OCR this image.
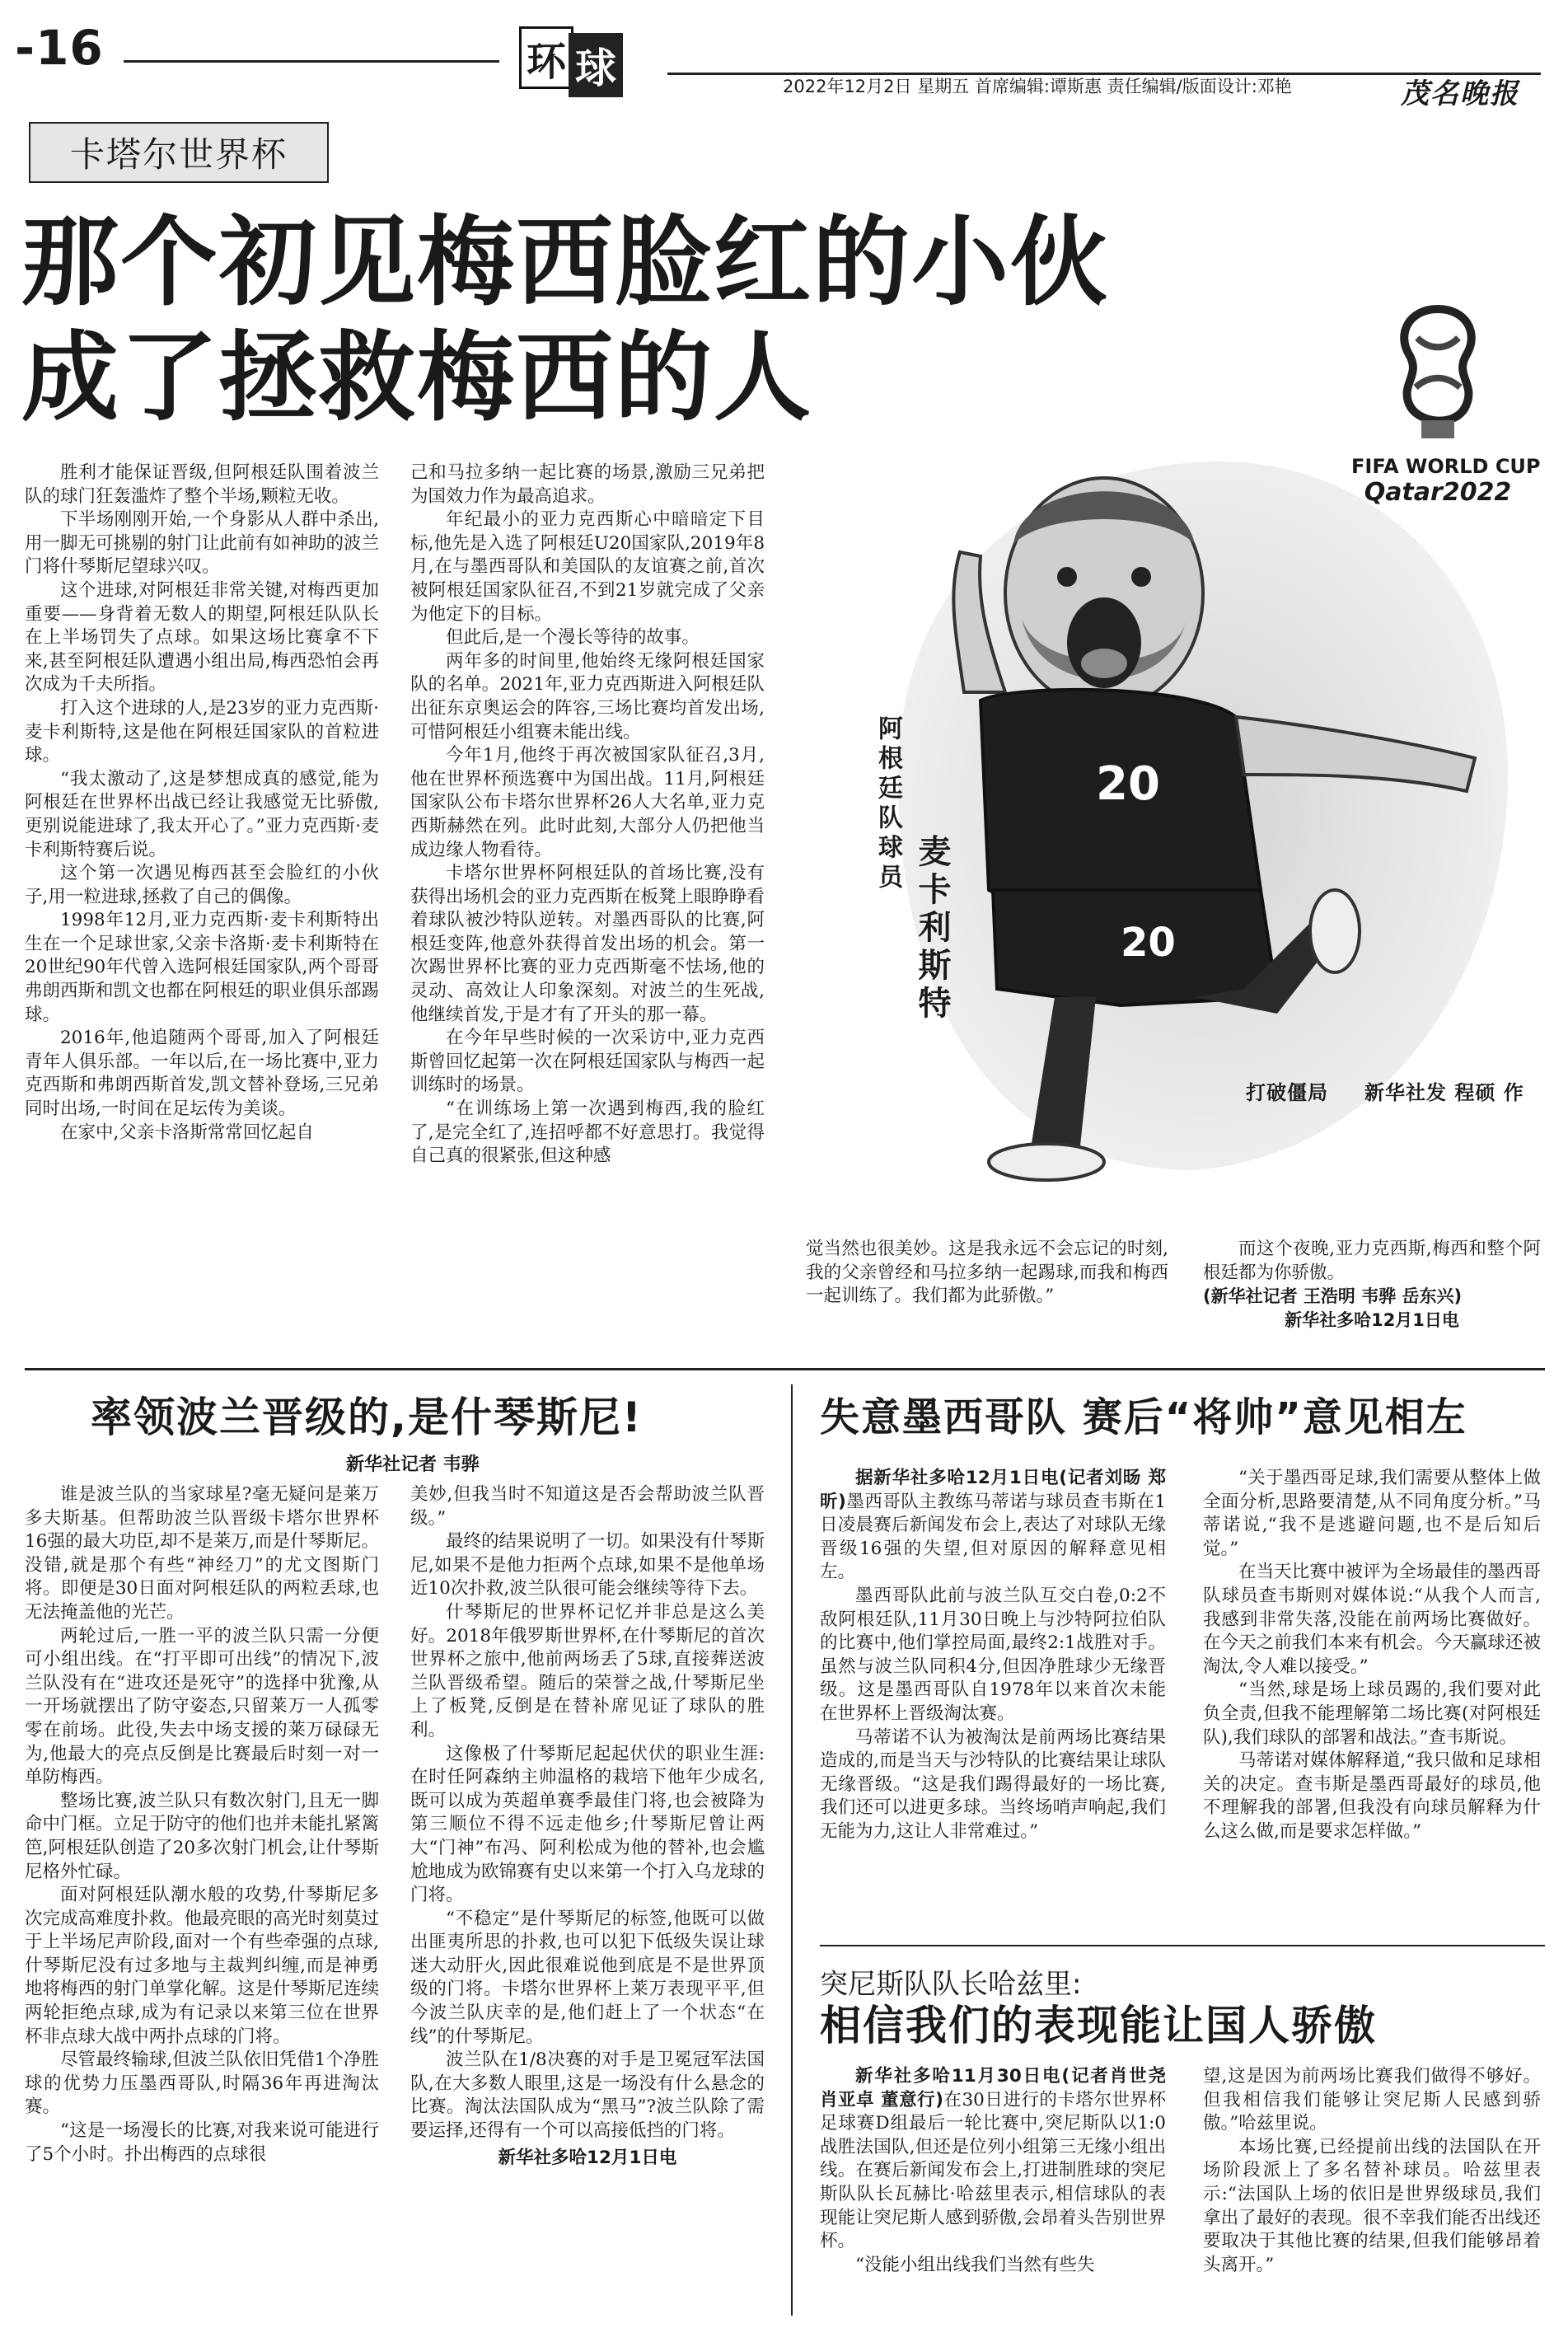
-16	环 球	2022年12月2日 星期五 首席编辑:谭斯惠 责任编辑/版面设计:邓艳	茂名晚报
卡塔尔世界杯
那个初见梅西脸红的小伙
成了拯救梅西的人
FIFA WORLD CUP
Qatar2022
20
20
阿根廷队球员
麦卡利斯特
打破僵局 新华社发 程硕 作

胜利才能保证晋级,但阿根廷队围着波兰队的球门狂轰滥炸了整个半场,颗粒无收。

下半场刚刚开始,一个身影从人群中杀出,用一脚无可挑剔的射门让此前有如神助的波兰门将什琴斯尼望球兴叹。

这个进球,对阿根廷非常关键,对梅西更加重要——身背着无数人的期望,阿根廷队队长在上半场罚失了点球。如果这场比赛拿不下来,甚至阿根廷队遭遇小组出局,梅西恐怕会再次成为千夫所指。

打入这个进球的人,是23岁的亚力克西斯·麦卡利斯特,这是他在阿根廷国家队的首粒进球。

“我太激动了,这是梦想成真的感觉,能为阿根廷在世界杯出战已经让我感觉无比骄傲,更别说能进球了,我太开心了。”亚力克西斯·麦卡利斯特赛后说。

这个第一次遇见梅西甚至会脸红的小伙子,用一粒进球,拯救了自己的偶像。

1998年12月,亚力克西斯·麦卡利斯特出生在一个足球世家,父亲卡洛斯·麦卡利斯特在20世纪90年代曾入选阿根廷国家队,两个哥哥弗朗西斯和凯文也都在阿根廷的职业俱乐部踢球。

2016年,他追随两个哥哥,加入了阿根廷青年人俱乐部。一年以后,在一场比赛中,亚力克西斯和弗朗西斯首发,凯文替补登场,三兄弟同时出场,一时间在足坛传为美谈。

在家中,父亲卡洛斯常常回忆起自

己和马拉多纳一起比赛的场景,激励三兄弟把为国效力作为最高追求。

年纪最小的亚力克西斯心中暗暗定下目标,他先是入选了阿根廷U20国家队,2019年8月,在与墨西哥队和美国队的友谊赛之前,首次被阿根廷国家队征召,不到21岁就完成了父亲为他定下的目标。

但此后,是一个漫长等待的故事。

两年多的时间里,他始终无缘阿根廷国家队的名单。2021年,亚力克西斯进入阿根廷队出征东京奥运会的阵容,三场比赛均首发出场,可惜阿根廷小组赛未能出线。

今年1月,他终于再次被国家队征召,3月,他在世界杯预选赛中为国出战。11月,阿根廷国家队公布卡塔尔世界杯26人大名单,亚力克西斯赫然在列。此时此刻,大部分人仍把他当成边缘人物看待。

卡塔尔世界杯阿根廷队的首场比赛,没有获得出场机会的亚力克西斯在板凳上眼睁睁看着球队被沙特队逆转。对墨西哥队的比赛,阿根廷变阵,他意外获得首发出场的机会。第一次踢世界杯比赛的亚力克西斯毫不怯场,他的灵动、高效让人印象深刻。对波兰的生死战,他继续首发,于是才有了开头的那一幕。

在今年早些时候的一次采访中,亚力克西斯曾回忆起第一次在阿根廷国家队与梅西一起训练时的场景。

“在训练场上第一次遇到梅西,我的脸红了,是完全红了,连招呼都不好意思打。我觉得自己真的很紧张,但这种感

觉当然也很美妙。这是我永远不会忘记的时刻,我的父亲曾经和马拉多纳一起踢球,而我和梅西一起训练了。我们都为此骄傲。”

而这个夜晚,亚力克西斯,梅西和整个阿根廷都为你骄傲。

(新华社记者 王浩明 韦骅 岳东兴)

新华社多哈12月1日电

率领波兰晋级的,是什琴斯尼!
新华社记者 韦骅

谁是波兰队的当家球星?毫无疑问是莱万多夫斯基。但帮助波兰队晋级卡塔尔世界杯16强的最大功臣,却不是莱万,而是什琴斯尼。没错,就是那个有些“神经刀”的尤文图斯门将。即便是30日面对阿根廷队的两粒丢球,也无法掩盖他的光芒。

两轮过后,一胜一平的波兰队只需一分便可小组出线。在“打平即可出线”的情况下,波兰队没有在“进攻还是死守”的选择中犹豫,从一开场就摆出了防守姿态,只留莱万一人孤零零在前场。此役,失去中场支援的莱万碌碌无为,他最大的亮点反倒是比赛最后时刻一对一单防梅西。

整场比赛,波兰队只有数次射门,且无一脚命中门框。立足于防守的他们也并未能扎紧篱笆,阿根廷队创造了20多次射门机会,让什琴斯尼格外忙碌。

面对阿根廷队潮水般的攻势,什琴斯尼多次完成高难度扑救。他最亮眼的高光时刻莫过于上半场尼声阶段,面对一个有些牵强的点球,什琴斯尼没有过多地与主裁判纠缠,而是神勇地将梅西的射门单掌化解。这是什琴斯尼连续两轮拒绝点球,成为有记录以来第三位在世界杯非点球大战中两扑点球的门将。

尽管最终输球,但波兰队依旧凭借1个净胜球的优势力压墨西哥队,时隔36年再进淘汰赛。

“这是一场漫长的比赛,对我来说可能进行了5个小时。扑出梅西的点球很

美妙,但我当时不知道这是否会帮助波兰队晋级。”

最终的结果说明了一切。如果没有什琴斯尼,如果不是他力拒两个点球,如果不是他单场近10次扑救,波兰队很可能会继续等待下去。

什琴斯尼的世界杯记忆并非总是这么美好。2018年俄罗斯世界杯,在什琴斯尼的首次世界杯之旅中,他前两场丢了5球,直接葬送波兰队晋级希望。随后的荣誉之战,什琴斯尼坐上了板凳,反倒是在替补席见证了球队的胜利。

这像极了什琴斯尼起起伏伏的职业生涯:在时任阿森纳主帅温格的栽培下他年少成名,既可以成为英超单赛季最佳门将,也会被降为第三顺位不得不远走他乡;什琴斯尼曾让两大“门神”布冯、阿利松成为他的替补,也会尴尬地成为欧锦赛有史以来第一个打入乌龙球的门将。

“不稳定”是什琴斯尼的标签,他既可以做出匪夷所思的扑救,也可以犯下低级失误让球迷大动肝火,因此很难说他到底是不是世界顶级的门将。卡塔尔世界杯上莱万表现平平,但今波兰队庆幸的是,他们赶上了一个状态“在线”的什琴斯尼。

波兰队在1/8决赛的对手是卫冕冠军法国队,在大多数人眼里,这是一场没有什么悬念的比赛。淘汰法国队成为“黑马”?波兰队除了需要运择,还得有一个可以高接低挡的门将。

新华社多哈12月1日电

失意墨西哥队 赛后“将帅”意见相左

据新华社多哈12月1日电(记者刘旸 郑昕)墨西哥队主教练马蒂诺与球员查韦斯在1日凌晨赛后新闻发布会上,表达了对球队无缘晋级16强的失望,但对原因的解释意见相左。

墨西哥队此前与波兰队互交白卷,0:2不敌阿根廷队,11月30日晚上与沙特阿拉伯队的比赛中,他们掌控局面,最终2:1战胜对手。虽然与波兰队同积4分,但因净胜球少无缘晋级。这是墨西哥队自1978年以来首次未能在世界杯上晋级淘汰赛。

马蒂诺不认为被淘汰是前两场比赛结果造成的,而是当天与沙特队的比赛结果让球队无缘晋级。“这是我们踢得最好的一场比赛,我们还可以进更多球。当终场哨声响起,我们无能为力,这让人非常难过。”

“关于墨西哥足球,我们需要从整体上做全面分析,思路要清楚,从不同角度分析。”马蒂诺说,“我不是逃避问题,也不是后知后觉。”

在当天比赛中被评为全场最佳的墨西哥队球员查韦斯则对媒体说:“从我个人而言,我感到非常失落,没能在前两场比赛做好。在今天之前我们本来有机会。今天赢球还被淘汰,令人难以接受。”

“当然,球是场上球员踢的,我们要对此负全责,但我不能理解第二场比赛(对阿根廷队),我们球队的部署和战法。”查韦斯说。

马蒂诺对媒体解释道,“我只做和足球相关的决定。查韦斯是墨西哥最好的球员,他不理解我的部署,但我没有向球员解释为什么这么做,而是要求怎样做。”

突尼斯队队长哈兹里:
相信我们的表现能让国人骄傲

新华社多哈11月30日电(记者肖世尧 肖亚卓 董意行)在30日进行的卡塔尔世界杯足球赛D组最后一轮比赛中,突尼斯队以1:0战胜法国队,但还是位列小组第三无缘小组出线。在赛后新闻发布会上,打进制胜球的突尼斯队队长瓦赫比·哈兹里表示,相信球队的表现能让突尼斯人感到骄傲,会昂着头告别世界杯。

“没能小组出线我们当然有些失

望,这是因为前两场比赛我们做得不够好。但我相信我们能够让突尼斯人民感到骄傲。”哈兹里说。

本场比赛,已经提前出线的法国队在开场阶段派上了多名替补球员。哈兹里表示:“法国队上场的依旧是世界级球员,我们拿出了最好的表现。很不幸我们能否出线还要取决于其他比赛的结果,但我们能够昂着头离开。”
